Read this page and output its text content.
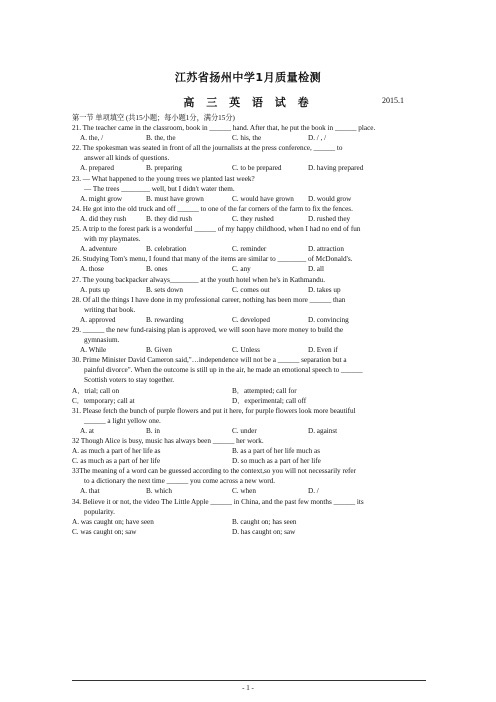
江苏省扬州中学1月质量检测
高 三 英 语 试 卷	2015.1
第一节 单项填空 (共15小题；每小题1分，满分15分)
21. The teacher came in the classroom, book in ______ hand. After that, he put the book in ______ place.
A. the, /	B. the, the	C. his, the	D. / , /
22. The spokesman was seated in front of all the journalists at the press conference, ______ to
answer all kinds of questions.
A. prepared	B. preparing	C. to be prepared	D. having prepared
23. — What happened to the young trees we planted last week?
— The trees ________ well, but I didn't water them.
A. might grow	B. must have grown	C. would have grown	D. would grow
24. He got into the old truck and off ______ to one of the far corners of the farm to fix the fences.
A. did they rush	B. they did rush	C. they rushed	D. rushed they
25. A trip to the forest park is a wonderful ______ of my happy childhood, when I had no end of fun
with my playmates.
A. adventure	B. celebration	C. reminder	D. attraction
26. Studying Tom's menu, I found that many of the items are similar to ________ of McDonald's.
A. those	B. ones	C. any	D. all
27. The young backpacker always________ at the youth hotel when he's in Kathmandu.
A. puts up	B. sets down	C. comes out	D. takes up
28. Of all the things I have done in my professional career, nothing has been more ______ than
writing that book.
A. approved	B. rewarding	C. developed	D. convincing
29. ______ the new fund-raising plan is approved, we will soon have more money to build the
gymnasium.
A. While	B. Given	C. Unless	D. Even if
30. Prime Minister David Cameron said,"…independence will not be a ______ separation but a
painful divorce". When the outcome is still up in the air, he made an emotional speech to ______
Scottish voters to stay together.
A．trial; call on	B．attempted; call for
C．temporary; call at	D．experimental; call off
31. Please fetch the bunch of purple flowers and put it here, for purple flowers look more beautiful
______ a light yellow one.
A. at	B. in	C. under	D. against
32 Though Alice is busy, music has always been ______ her work.
A. as much a part of her life as	B. as a part of her life much as
C. as much as a part of her life	D. so much as a part of her life
33The meaning of a word can be guessed according to the context,so you will not necessarily refer
to a dictionary the next time ______ you come across a new word.
A. that	B. which	C. when	D. /
34. Believe it or not, the video The Little Apple ______ in China, and the past few months ______ its
popularity.
A. was caught on; have seen	B. caught on; has seen
C. was caught on; saw	D. has caught on; saw
- 1 -
